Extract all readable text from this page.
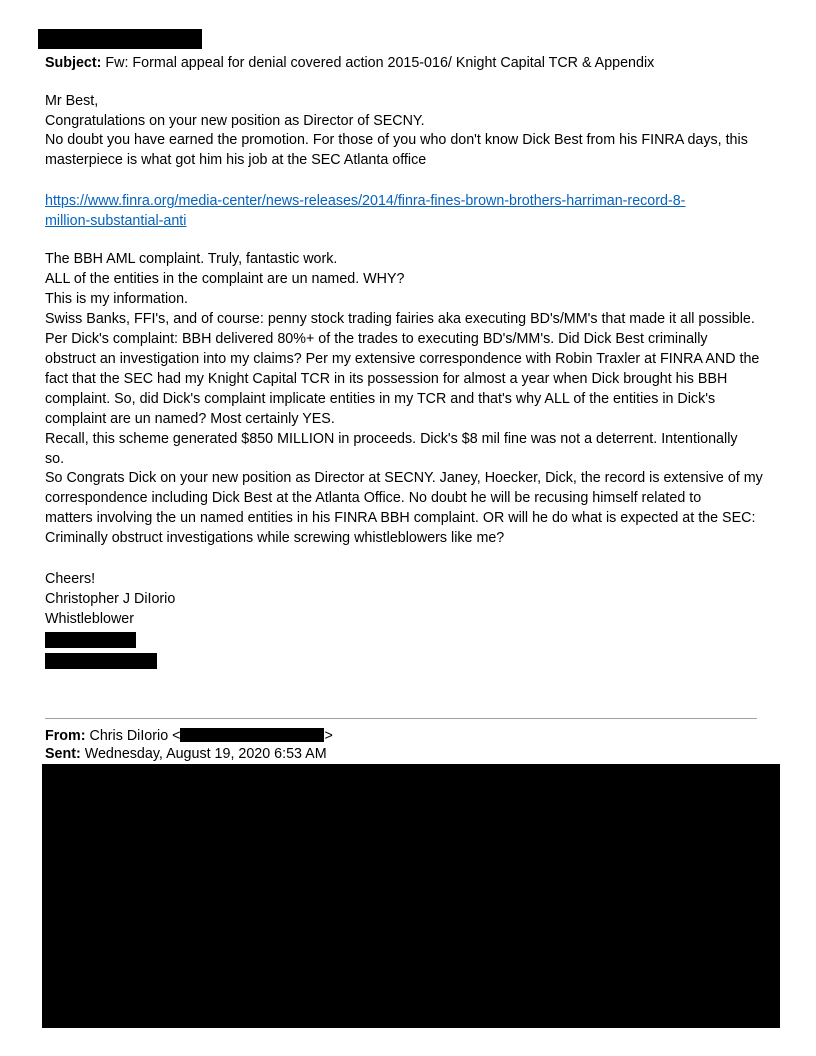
Subject: Fw: Formal appeal for denial covered action 2015-016/ Knight Capital TCR & Appendix
Mr Best,
Congratulations on your new position as Director of SECNY.
No doubt you have earned the promotion. For those of you who don't know Dick Best from his FINRA days, this
masterpiece is what got him his job at the SEC Atlanta office
https://www.finra.org/media-center/news-releases/2014/finra-fines-brown-brothers-harriman-record-8-
million-substantial-anti
The BBH AML complaint. Truly, fantastic work.
ALL of the entities in the complaint are un named. WHY?
This is my information.
Swiss Banks, FFI's, and of course: penny stock trading fairies aka executing BD's/MM's that made it all possible.
Per Dick's complaint: BBH delivered 80%+ of the trades to executing BD's/MM's. Did Dick Best criminally
obstruct an investigation into my claims? Per my extensive correspondence with Robin Traxler at FINRA AND the
fact that the SEC had my Knight Capital TCR in its possession for almost a year when Dick brought his BBH
complaint. So, did Dick's complaint implicate entities in my TCR and that's why ALL of the entities in Dick's
complaint are un named? Most certainly YES.
Recall, this scheme generated $850 MILLION in proceeds. Dick's $8 mil fine was not a deterrent. Intentionally
so.
So Congrats Dick on your new position as Director at SECNY. Janey, Hoecker, Dick, the record is extensive of my
correspondence including Dick Best at the Atlanta Office. No doubt he will be recusing himself related to
matters involving the un named entities in his FINRA BBH complaint. OR will he do what is expected at the SEC:
Criminally obstruct investigations while screwing whistleblowers like me?
Cheers!
Christopher J DiIorio
Whistleblower
From: Chris DiIorio <	>
Sent: Wednesday, August 19, 2020 6:53 AM
